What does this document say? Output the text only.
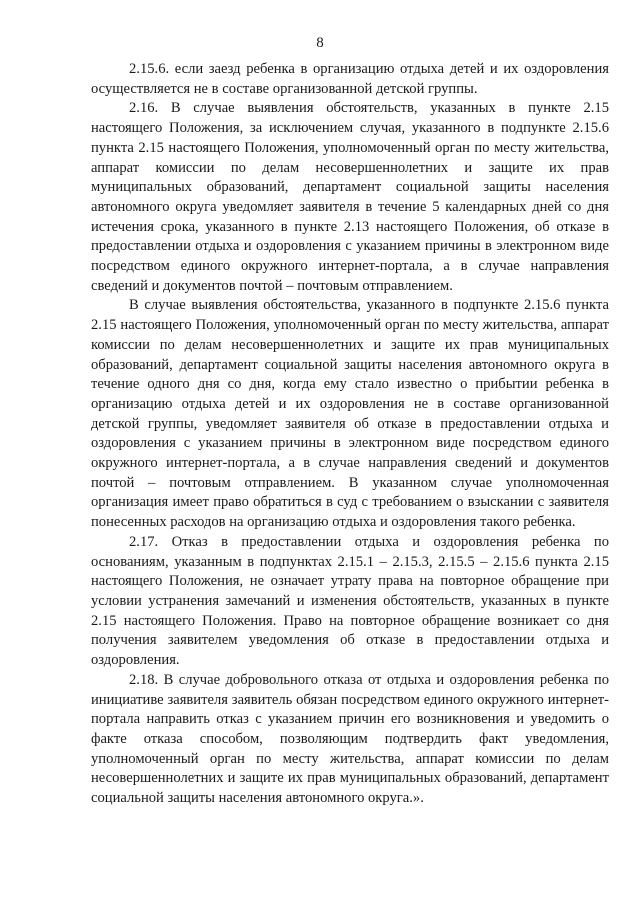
8

2.15.6. если заезд ребенка в организацию отдыха детей и их оздоровления осуществляется не в составе организованной детской группы.

2.16. В случае выявления обстоятельств, указанных в пункте 2.15 настоящего Положения, за исключением случая, указанного в подпункте 2.15.6 пункта 2.15 настоящего Положения, уполномоченный орган по месту жительства, аппарат комиссии по делам несовершеннолетних и защите их прав муниципальных образований, департамент социальной защиты населения автономного округа уведомляет заявителя в течение 5 календарных дней со дня истечения срока, указанного в пункте 2.13 настоящего Положения, об отказе в предоставлении отдыха и оздоровления с указанием причины в электронном виде посредством единого окружного интернет-портала, а в случае направления сведений и документов почтой – почтовым отправлением.

В случае выявления обстоятельства, указанного в подпункте 2.15.6 пункта 2.15 настоящего Положения, уполномоченный орган по месту жительства, аппарат комиссии по делам несовершеннолетних и защите их прав муниципальных образований, департамент социальной защиты населения автономного округа в течение одного дня со дня, когда ему стало известно о прибытии ребенка в организацию отдыха детей и их оздоровления не в составе организованной детской группы, уведомляет заявителя об отказе в предоставлении отдыха и оздоровления с указанием причины в электронном виде посредством единого окружного интернет-портала, а в случае направления сведений и документов почтой – почтовым отправлением. В указанном случае уполномоченная организация имеет право обратиться в суд с требованием о взыскании с заявителя понесенных расходов на организацию отдыха и оздоровления такого ребенка.

2.17. Отказ в предоставлении отдыха и оздоровления ребенка по основаниям, указанным в подпунктах 2.15.1 – 2.15.3, 2.15.5 – 2.15.6 пункта 2.15 настоящего Положения, не означает утрату права на повторное обращение при условии устранения замечаний и изменения обстоятельств, указанных в пункте 2.15 настоящего Положения. Право на повторное обращение возникает со дня получения заявителем уведомления об отказе в предоставлении отдыха и оздоровления.

2.18. В случае добровольного отказа от отдыха и оздоровления ребенка по инициативе заявителя заявитель обязан посредством единого окружного интернет-портала направить отказ с указанием причин его возникновения и уведомить о факте отказа способом, позволяющим подтвердить факт уведомления, уполномоченный орган по месту жительства, аппарат комиссии по делам несовершеннолетних и защите их прав муниципальных образований, департамент социальной защиты населения автономного округа.».
